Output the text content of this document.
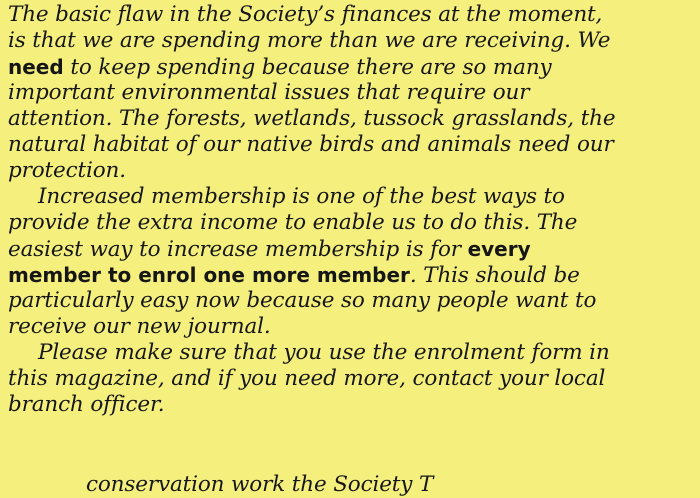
The basic flaw in the Society’s finances at the moment,
is that we are spending more than we are receiving. We
need to keep spending because there are so many
important environmental issues that require our
attention. The forests, wetlands, tussock grasslands, the
natural habitat of our native birds and animals need our
protection.
Increased membership is one of the best ways to
provide the extra income to enable us to do this. The
easiest way to increase membership is for every
member to enrol one more member. This should be
particularly easy now because so many people want to
receive our new journal.
Please make sure that you use the enrolment form in
this magazine, and if you need more, contact your local
branch officer.
conservation work the Society T
